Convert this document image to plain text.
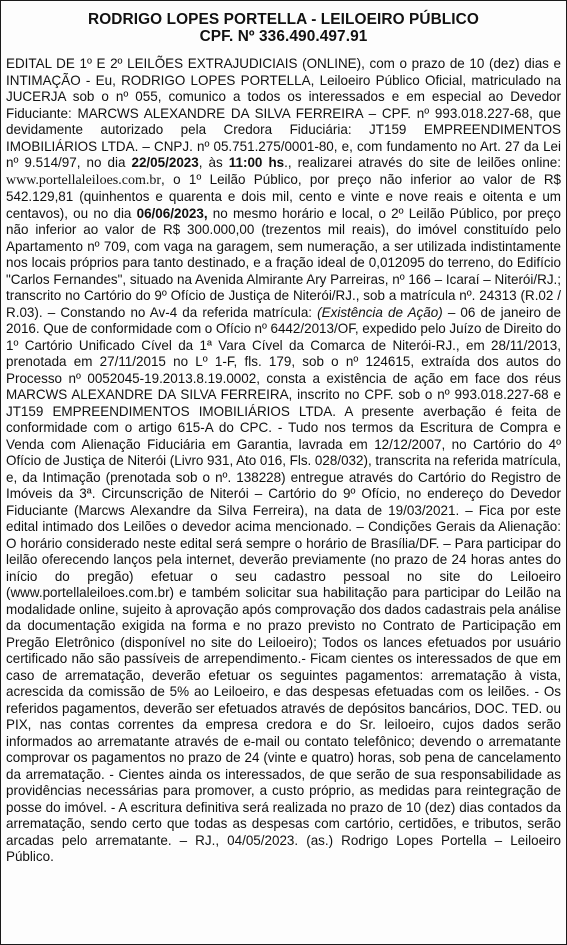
RODRIGO LOPES PORTELLA - LEILOEIRO PÚBLICO
CPF. Nº 336.490.497.91

EDITAL DE 1º E 2º LEILÕES EXTRAJUDICIAIS (ONLINE), com o prazo de 10 (dez) dias e INTIMAÇÃO - Eu, RODRIGO LOPES PORTELLA, Leiloeiro Público Oficial, matriculado na JUCERJA sob o nº 055, comunico a todos os interessados e em especial ao Devedor Fiduciante: MARCWS ALEXANDRE DA SILVA FERREIRA – CPF. nº 993.018.227-68, que devidamente autorizado pela Credora Fiduciária: JT159 EMPREENDIMENTOS IMOBILIÁRIOS LTDA. – CNPJ. nº 05.751.275/0001-80, e, com fundamento no Art. 27 da Lei nº 9.514/97, no dia 22/05/2023, às 11:00 hs., realizarei através do site de leilões online: www.portellaleiloes.com.br, o 1º Leilão Público, por preço não inferior ao valor de R$ 542.129,81 (quinhentos e quarenta e dois mil, cento e vinte e nove reais e oitenta e um centavos), ou no dia 06/06/2023, no mesmo horário e local, o 2º Leilão Público, por preço não inferior ao valor de R$ 300.000,00 (trezentos mil reais), do imóvel constituído pelo Apartamento nº 709, com vaga na garagem, sem numeração, a ser utilizada indistintamente nos locais próprios para tanto destinado, e a fração ideal de 0,012095 do terreno, do Edifício "Carlos Fernandes", situado na Avenida Almirante Ary Parreiras, nº 166 – Icaraí – Niterói/RJ.; transcrito no Cartório do 9º Ofício de Justiça de Niterói/RJ., sob a matrícula nº. 24313 (R.02 / R.03). – Constando no Av-4 da referida matrícula: (Existência de Ação) – 06 de janeiro de 2016. Que de conformidade com o Ofício nº 6442/2013/OF, expedido pelo Juízo de Direito do 1º Cartório Unificado Cível da 1ª Vara Cível da Comarca de Niterói-RJ., em 28/11/2013, prenotada em 27/11/2015 no Lº 1-F, fls. 179, sob o nº 124615, extraída dos autos do Processo nº 0052045-19.2013.8.19.0002, consta a existência de ação em face dos réus MARCWS ALEXANDRE DA SILVA FERREIRA, inscrito no CPF. sob o nº 993.018.227-68 e JT159 EMPREENDIMENTOS IMOBILIÁRIOS LTDA. A presente averbação é feita de conformidade com o artigo 615-A do CPC. - Tudo nos termos da Escritura de Compra e Venda com Alienação Fiduciária em Garantia, lavrada em 12/12/2007, no Cartório do 4º Ofício de Justiça de Niterói (Livro 931, Ato 016, Fls. 028/032), transcrita na referida matrícula, e, da Intimação (prenotada sob o nº. 138228) entregue através do Cartório do Registro de Imóveis da 3ª. Circunscrição de Niterói – Cartório do 9º Ofício, no endereço do Devedor Fiduciante (Marcws Alexandre da Silva Ferreira), na data de 19/03/2021. – Fica por este edital intimado dos Leilões o devedor acima mencionado. – Condições Gerais da Alienação: O horário considerado neste edital será sempre o horário de Brasília/DF. – Para participar do leilão oferecendo lanços pela internet, deverão previamente (no prazo de 24 horas antes do início do pregão) efetuar o seu cadastro pessoal no site do Leiloeiro (www.portellaleiloes.com.br) e também solicitar sua habilitação para participar do Leilão na modalidade online, sujeito à aprovação após comprovação dos dados cadastrais pela análise da documentação exigida na forma e no prazo previsto no Contrato de Participação em Pregão Eletrônico (disponível no site do Leiloeiro); Todos os lances efetuados por usuário certificado não são passíveis de arrependimento.- Ficam cientes os interessados de que em caso de arrematação, deverão efetuar os seguintes pagamentos: arrematação à vista, acrescida da comissão de 5% ao Leiloeiro, e das despesas efetuadas com os leilões. - Os referidos pagamentos, deverão ser efetuados através de depósitos bancários, DOC. TED. ou PIX, nas contas correntes da empresa credora e do Sr. leiloeiro, cujos dados serão informados ao arrematante através de e-mail ou contato telefônico; devendo o arrematante comprovar os pagamentos no prazo de 24 (vinte e quatro) horas, sob pena de cancelamento da arrematação. - Cientes ainda os interessados, de que serão de sua responsabilidade as providências necessárias para promover, a custo próprio, as medidas para reintegração de posse do imóvel. - A escritura definitiva será realizada no prazo de 10 (dez) dias contados da arrematação, sendo certo que todas as despesas com cartório, certidões, e tributos, serão arcadas pelo arrematante. – RJ., 04/05/2023. (as.) Rodrigo Lopes Portella – Leiloeiro Público.
